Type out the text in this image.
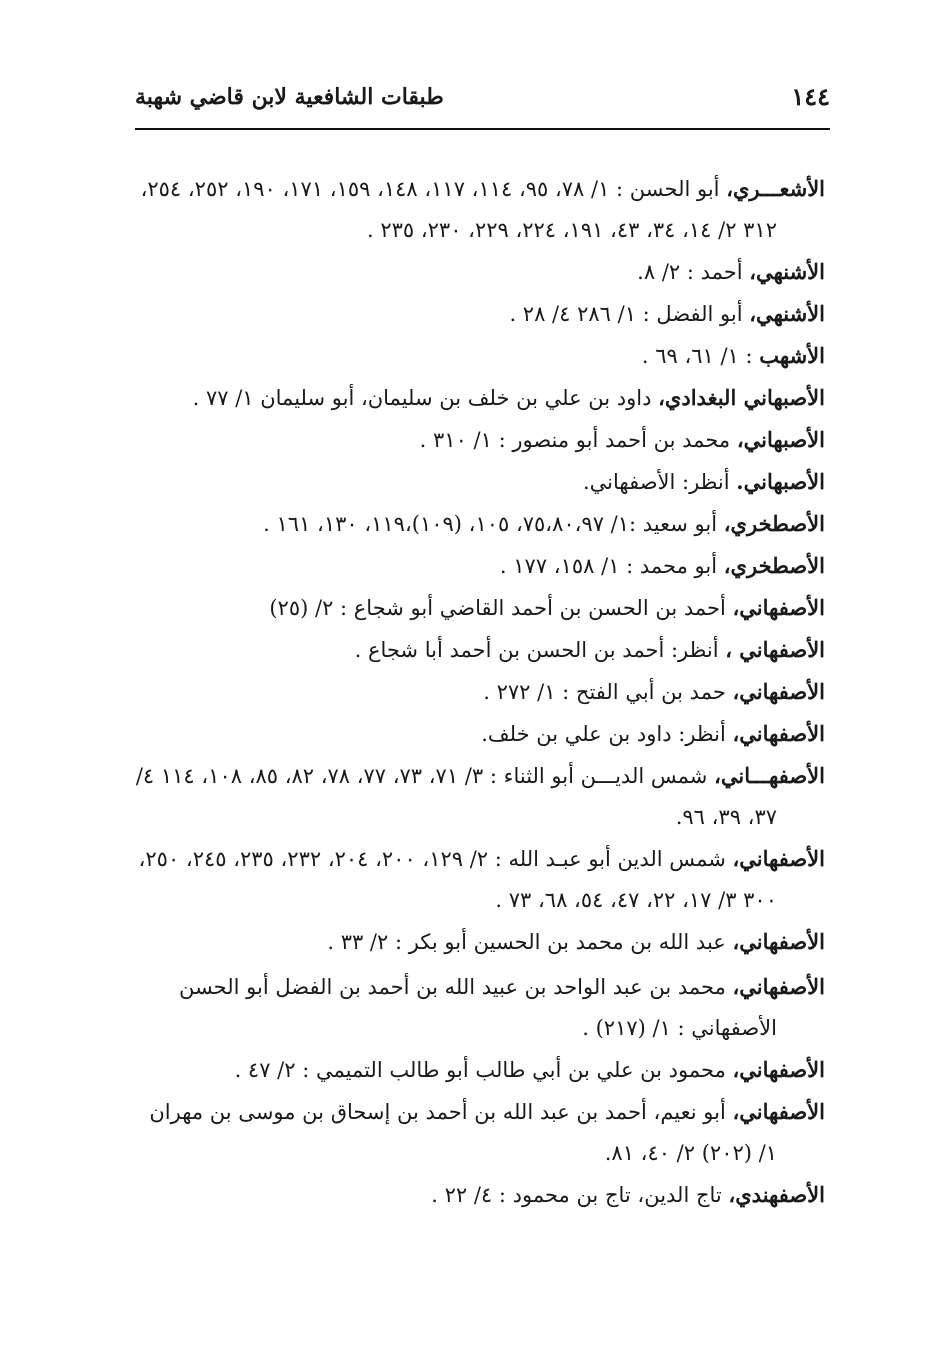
١٤٤
طبقات الشافعية لابن قاضي شهبة

الأشعـــري، أبو الحسن : ١/ ٧٨، ٩٥، ١١٤، ١١٧، ١٤٨، ١٥٩، ١٧١، ١٩٠، ٢٥٢، ٢٥٤، ٣١٢ ٢/ ١٤، ٣٤، ٤٣، ١٩١، ٢٢٤، ٢٢٩، ٢٣٠، ٢٣٥ .

الأشنهي، أحمد : ٢/ ٨.

الأشنهي، أبو الفضل : ١/ ٢٨٦ ٤/ ٢٨ .

الأشهب : ١/ ٦١، ٦٩ .

الأصبهاني البغدادي، داود بن علي بن خلف بن سليمان، أبو سليمان ١/ ٧٧ .

الأصبهاني، محمد بن أحمد أبو منصور : ١/ ٣١٠ .

الأصبهاني. أنظر: الأصفهاني.

الأصطخري، أبو سعيد :١/ ٧٥،٨٠،٩٧، ١٠٥، (١٠٩)،١١٩، ١٣٠، ١٦١ .

الأصطخري، أبو محمد : ١/ ١٥٨، ١٧٧ .

الأصفهاني، أحمد بن الحسن بن أحمد القاضي أبو شجاع : ٢/ (٢٥)

الأصفهاني ، أنظر: أحمد بن الحسن بن أحمد أبا شجاع .

الأصفهاني، حمد بن أبي الفتح : ١/ ٢٧٢ .

الأصفهاني، أنظر: داود بن علي بن خلف.

الأصفهـــاني، شمس الديـــن أبو الثناء : ٣/ ٧١، ٧٣، ٧٧، ٧٨، ٨٢، ٨٥، ١٠٨، ١١٤ ٤/ ٣٧، ٣٩، ٩٦.

الأصفهاني، شمس الدين أبو عبـد الله : ٢/ ١٢٩، ٢٠٠، ٢٠٤، ٢٣٢، ٢٣٥، ٢٤٥، ٢٥٠، ٣٠٠ ٣/ ١٧، ٢٢، ٤٧، ٥٤، ٦٨، ٧٣ .

الأصفهاني، عبد الله بن محمد بن الحسين أبو بكر : ٢/ ٣٣ .

الأصفهاني، محمد بن عبد الواحد بن عبيد الله بن أحمد بن الفضل أبو الحسن الأصفهاني : ١/ (٢١٧) .

الأصفهاني، محمود بن علي بن أبي طالب أبو طالب التميمي : ٢/ ٤٧ .

الأصفهاني، أبو نعيم، أحمد بن عبد الله بن أحمد بن إسحاق بن موسى بن مهران ١/ (٢٠٢) ٢/ ٤٠، ٨١.

الأصفهندي، تاج الدين، تاج بن محمود : ٤/ ٢٢ .
